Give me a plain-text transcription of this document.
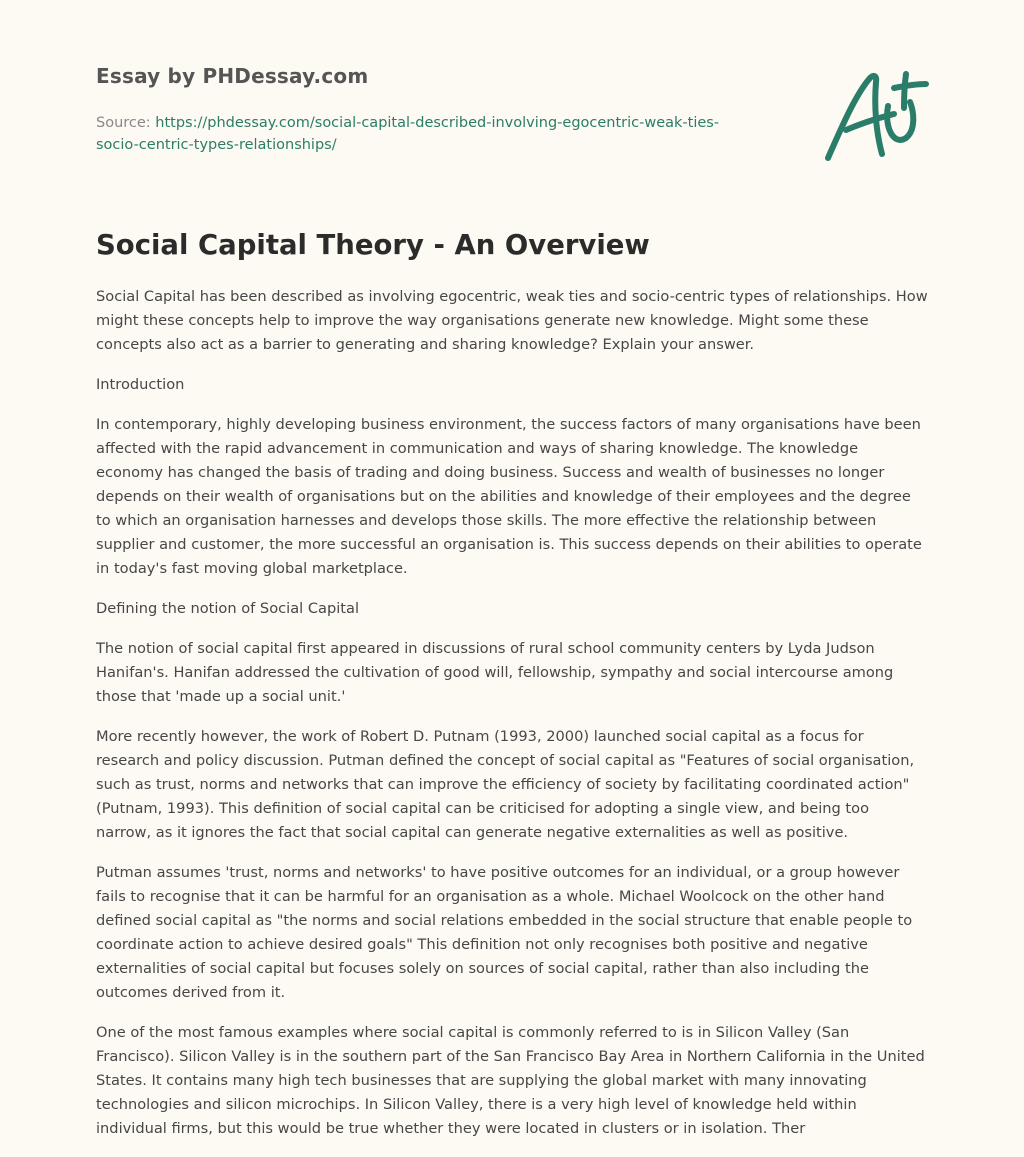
Essay by PHDessay.com
Source: https://phdessay.com/social-capital-described-involving-egocentric-weak-ties-socio-centric-types-relationships/
Social Capital Theory - An Overview

Social Capital has been described as involving egocentric, weak ties and socio-centric types of relationships. How might these concepts help to improve the way organisations generate new knowledge. Might some these concepts also act as a barrier to generating and sharing knowledge? Explain your answer.

Introduction

In contemporary, highly developing business environment, the success factors of many organisations have been affected with the rapid advancement in communication and ways of sharing knowledge. The knowledge economy has changed the basis of trading and doing business. Success and wealth of businesses no longer depends on their wealth of organisations but on the abilities and knowledge of their employees and the degree to which an organisation harnesses and develops those skills. The more effective the relationship between supplier and customer, the more successful an organisation is. This success depends on their abilities to operate in today's fast moving global marketplace.

Defining the notion of Social Capital

The notion of social capital first appeared in discussions of rural school community centers by Lyda Judson Hanifan's. Hanifan addressed the cultivation of good will, fellowship, sympathy and social intercourse among those that 'made up a social unit.'

More recently however, the work of Robert D. Putnam (1993, 2000) launched social capital as a focus for research and policy discussion. Putman defined the concept of social capital as "Features of social organisation, such as trust, norms and networks that can improve the efficiency of society by facilitating coordinated action" (Putnam, 1993). This definition of social capital can be criticised for adopting a single view, and being too narrow, as it ignores the fact that social capital can generate negative externalities as well as positive.

Putman assumes 'trust, norms and networks' to have positive outcomes for an individual, or a group however fails to recognise that it can be harmful for an organisation as a whole. Michael Woolcock on the other hand defined social capital as "the norms and social relations embedded in the social structure that enable people to coordinate action to achieve desired goals" This definition not only recognises both positive and negative externalities of social capital but focuses solely on sources of social capital, rather than also including the outcomes derived from it.

One of the most famous examples where social capital is commonly referred to is in Silicon Valley (San Francisco). Silicon Valley is in the southern part of the San Francisco Bay Area in Northern California in the United States. It contains many high tech businesses that are supplying the global market with many innovating technologies and silicon microchips. In Silicon Valley, there is a very high level of knowledge held within individual firms, but this would be true whether they were located in clusters or in isolation. Ther
